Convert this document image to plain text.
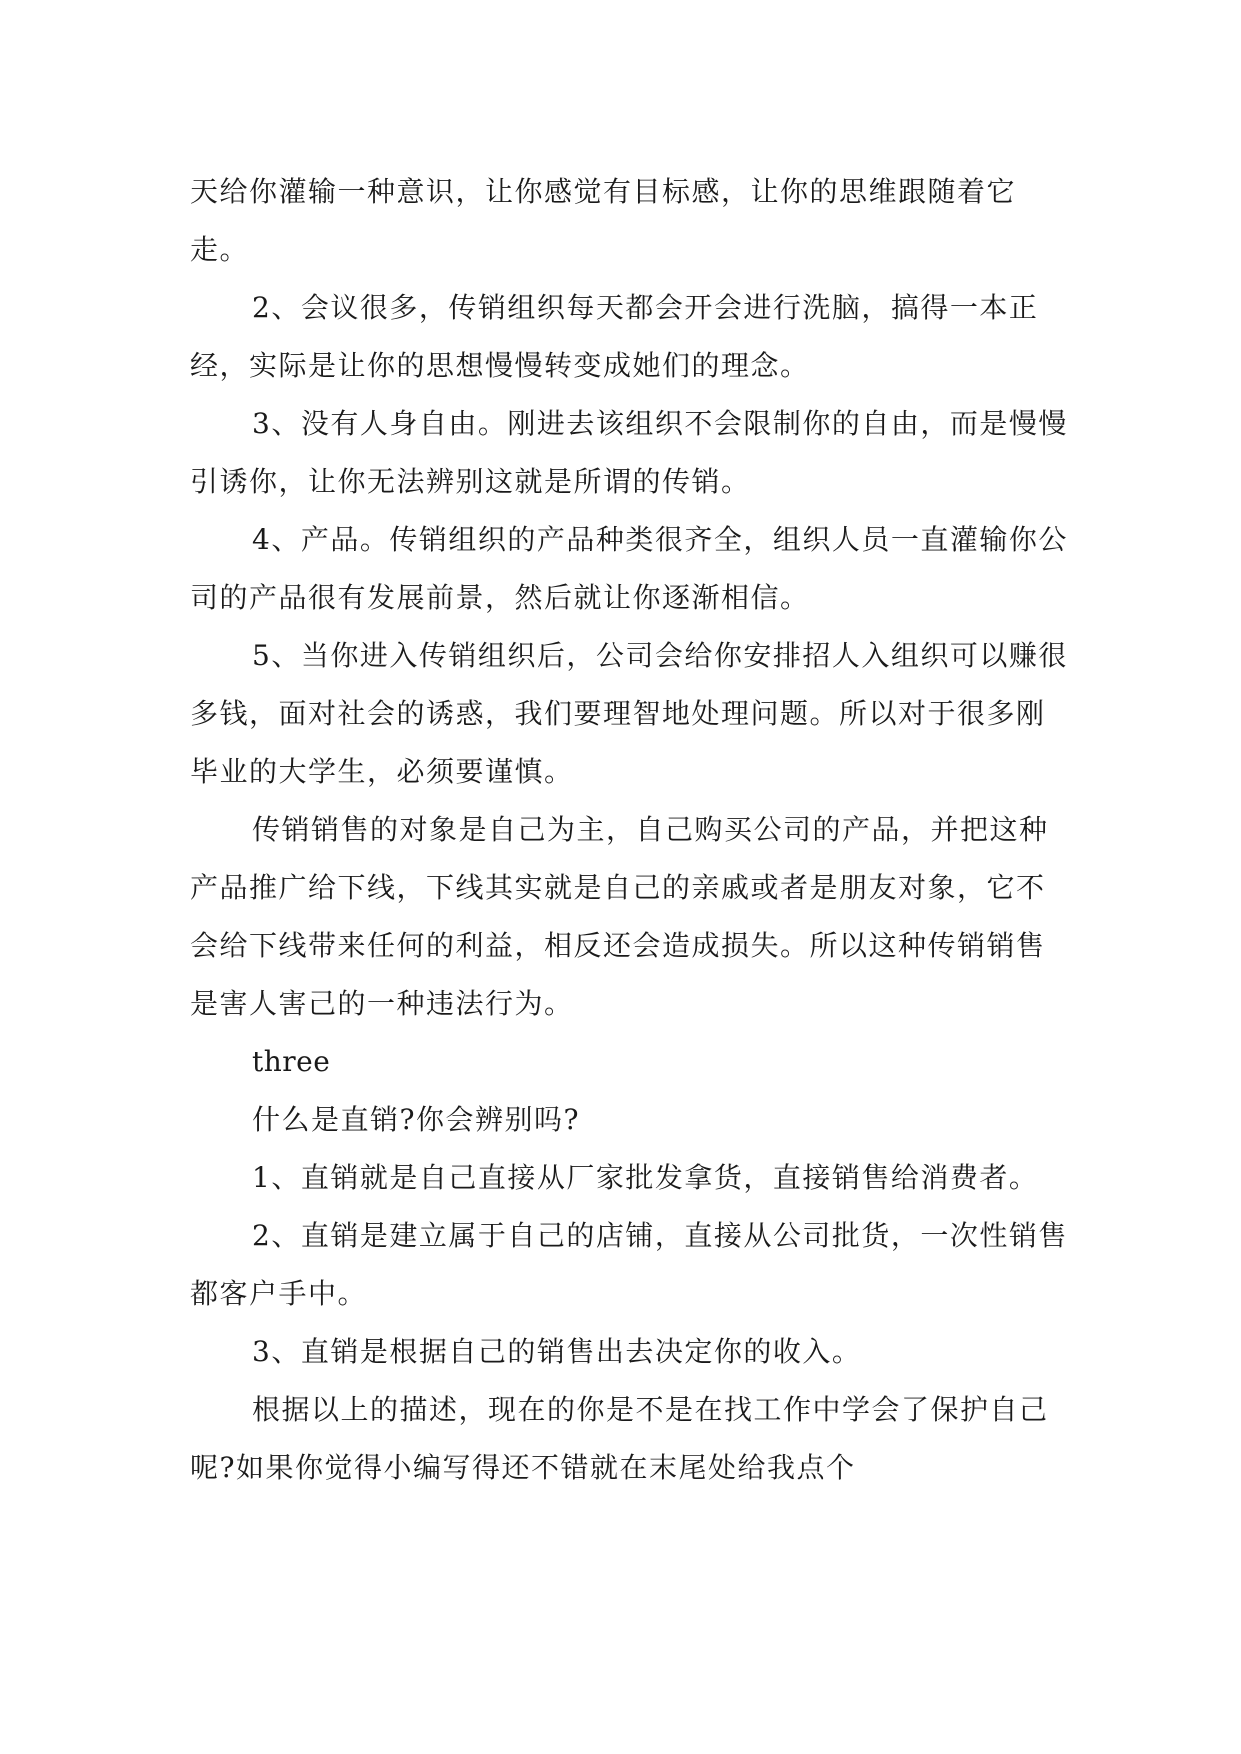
天给你灌输一种意识，让你感觉有目标感，让你的思维跟随着它走。

2、会议很多，传销组织每天都会开会进行洗脑，搞得一本正经，实际是让你的思想慢慢转变成她们的理念。

3、没有人身自由。刚进去该组织不会限制你的自由，而是慢慢引诱你，让你无法辨别这就是所谓的传销。

4、产品。传销组织的产品种类很齐全，组织人员一直灌输你公司的产品很有发展前景，然后就让你逐渐相信。

5、当你进入传销组织后，公司会给你安排招人入组织可以赚很多钱，面对社会的诱惑，我们要理智地处理问题。所以对于很多刚毕业的大学生，必须要谨慎。

传销销售的对象是自己为主，自己购买公司的产品，并把这种产品推广给下线，下线其实就是自己的亲戚或者是朋友对象，它不会给下线带来任何的利益，相反还会造成损失。所以这种传销销售是害人害己的一种违法行为。

three

什么是直销?你会辨别吗?

1、直销就是自己直接从厂家批发拿货，直接销售给消费者。

2、直销是建立属于自己的店铺，直接从公司批货，一次性销售都客户手中。

3、直销是根据自己的销售出去决定你的收入。

根据以上的描述，现在的你是不是在找工作中学会了保护自己呢?如果你觉得小编写得还不错就在末尾处给我点个
